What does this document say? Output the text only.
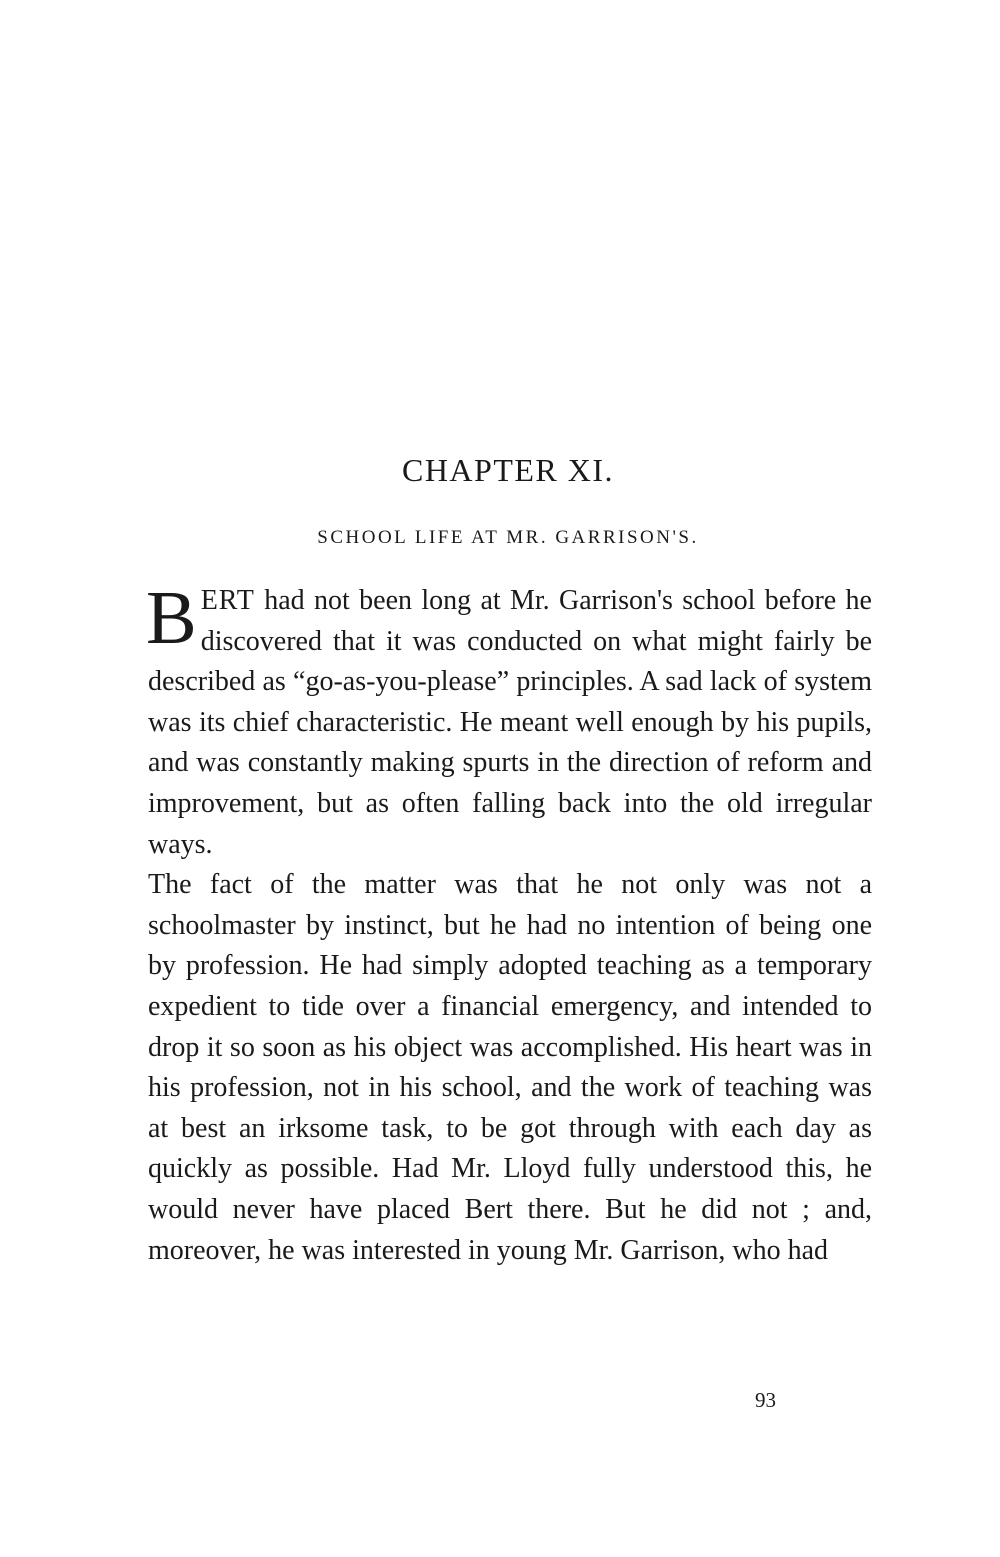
CHAPTER XI.
SCHOOL LIFE AT MR. GARRISON'S.

BERT had not been long at Mr. Garrison's school before he discovered that it was conducted on what might fairly be described as “go-as-you-please” principles. A sad lack of system was its chief characteristic. He meant well enough by his pupils, and was constantly making spurts in the direction of reform and improvement, but as often falling back into the old irregular ways.

The fact of the matter was that he not only was not a schoolmaster by instinct, but he had no intention of being one by profession. He had simply adopted teaching as a temporary expedient to tide over a financial emergency, and intended to drop it so soon as his object was accomplished. His heart was in his profession, not in his school, and the work of teaching was at best an irksome task, to be got through with each day as quickly as possible. Had Mr. Lloyd fully understood this, he would never have placed Bert there. But he did not ; and, moreover, he was interested in young Mr. Garrison, who had

93
